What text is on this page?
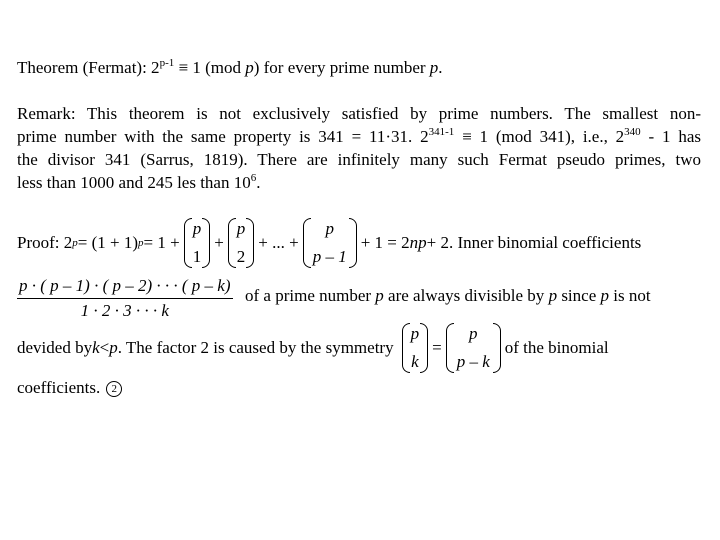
Theorem (Fermat): $2^{p-1} \equiv 1$ (mod p) for every prime number p.
Remark: This theorem is not exclusively satisfied by prime numbers. The smallest non-
prime number with the same property is 341 = 11·31. $2^{341-1} \equiv 1$ (mod 341), i.e., $2^{340} - 1$ has
the divisor 341 (Sarrus, 1819). There are infinitely many such Fermat pseudo primes, two
less than 1000 and 245 les than $10^6$.
Proof: 2 p = (1 + 1) p = 1 +
p
1
+
p
2
+ ... +
p
p – 1
+ 1 = 2 np + 2. Inner binomial coefficients
p · ( p – 1) · ( p – 2) · · · ( p – k)
1 · 2 · 3 · · · k
of a prime number p are always divisible by p since p is not
devided by k < p . The factor 2 is caused by the symmetry
p
k
=
p
p – k
of the binomial
coefficients. 2
